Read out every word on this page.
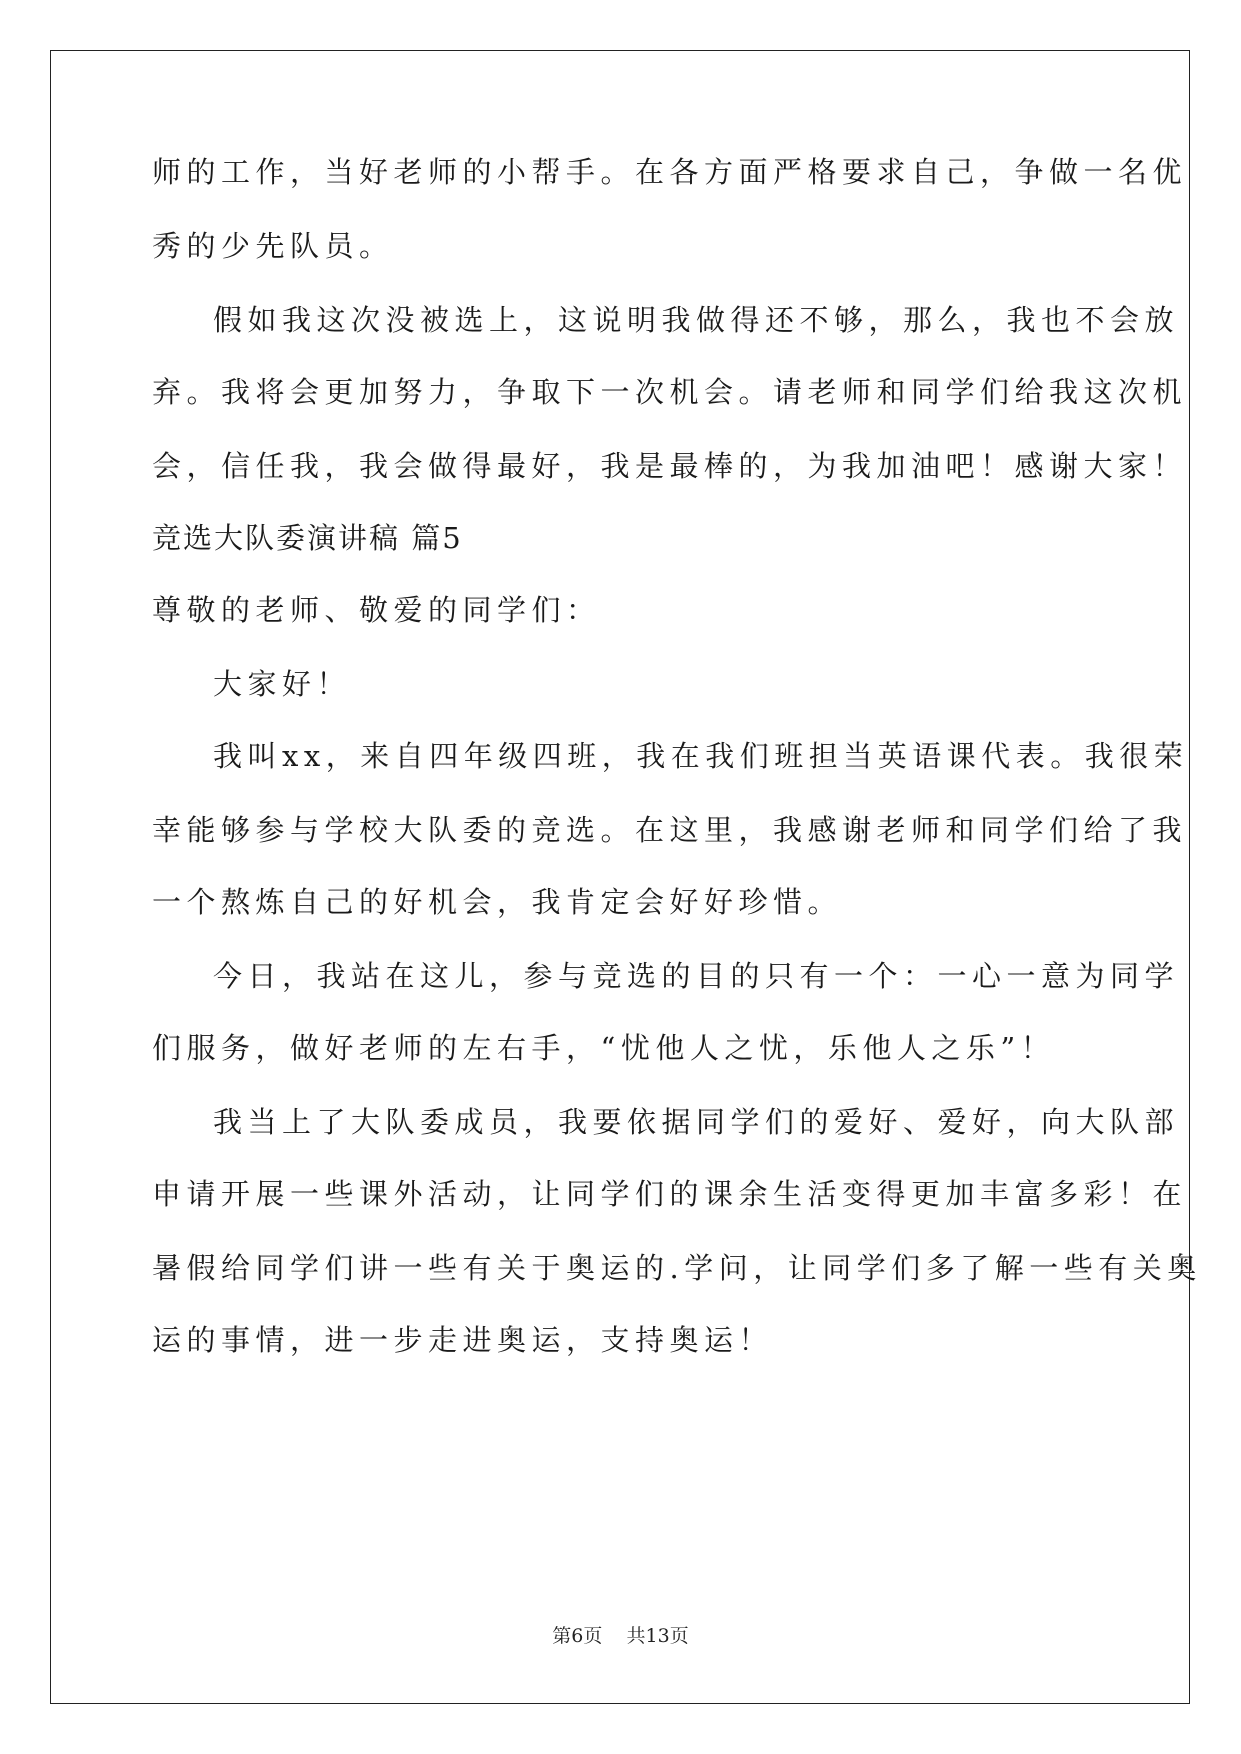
师的工作，当好老师的小帮手。在各方面严格要求自己，争做一名优

秀的少先队员。

假如我这次没被选上，这说明我做得还不够，那么，我也不会放

弃。我将会更加努力，争取下一次机会。请老师和同学们给我这次机

会，信任我，我会做得最好，我是最棒的，为我加油吧！感谢大家！

竞选大队委演讲稿 篇5

尊敬的老师、敬爱的同学们：

大家好！

我叫xx，来自四年级四班，我在我们班担当英语课代表。我很荣

幸能够参与学校大队委的竞选。在这里，我感谢老师和同学们给了我

一个熬炼自己的好机会，我肯定会好好珍惜。

今日，我站在这儿，参与竞选的目的只有一个：一心一意为同学

们服务，做好老师的左右手，“忧他人之忧，乐他人之乐”！

我当上了大队委成员，我要依据同学们的爱好、爱好，向大队部

申请开展一些课外活动，让同学们的课余生活变得更加丰富多彩！在

暑假给同学们讲一些有关于奥运的.学问，让同学们多了解一些有关奥

运的事情，进一步走进奥运，支持奥运！

第6页 共13页
